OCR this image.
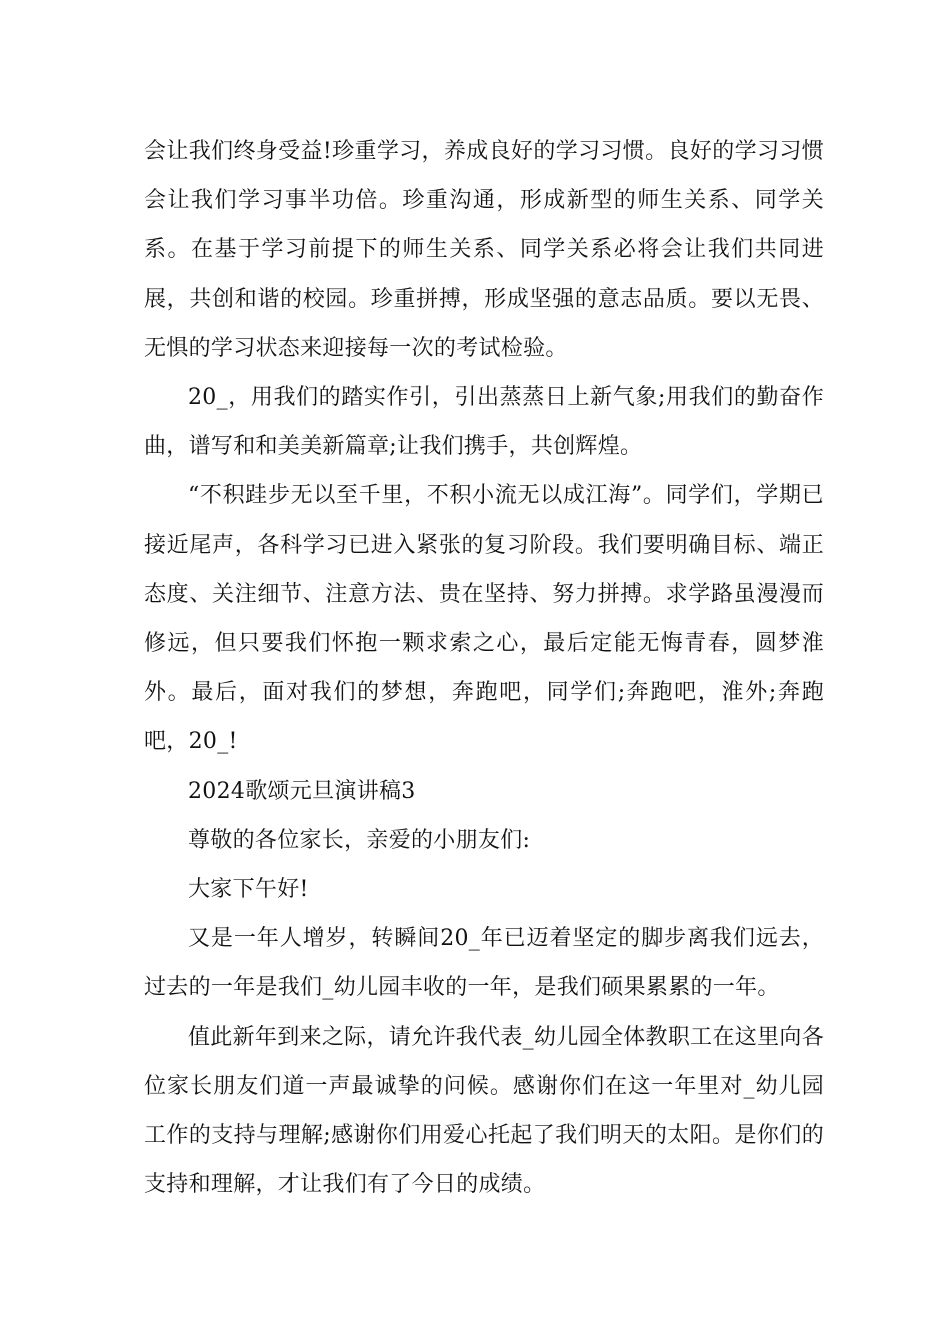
会让我们终身受益!珍重学习，养成良好的学习习惯。良好的学习习惯会让我们学习事半功倍。珍重沟通，形成新型的师生关系、同学关系。在基于学习前提下的师生关系、同学关系必将会让我们共同进展，共创和谐的校园。珍重拼搏，形成坚强的意志品质。要以无畏、无惧的学习状态来迎接每一次的考试检验。

20_，用我们的踏实作引，引出蒸蒸日上新气象;用我们的勤奋作曲，谱写和和美美新篇章;让我们携手，共创辉煌。

“不积跬步无以至千里，不积小流无以成江海”。同学们，学期已接近尾声，各科学习已进入紧张的复习阶段。我们要明确目标、端正态度、关注细节、注意方法、贵在坚持、努力拼搏。求学路虽漫漫而修远，但只要我们怀抱一颗求索之心，最后定能无悔青春，圆梦淮外。最后，面对我们的梦想，奔跑吧，同学们;奔跑吧，淮外;奔跑吧，20_!

2024歌颂元旦演讲稿3

尊敬的各位家长，亲爱的小朋友们:

大家下午好!

又是一年人增岁，转瞬间20_年已迈着坚定的脚步离我们远去，过去的一年是我们_幼儿园丰收的一年，是我们硕果累累的一年。

值此新年到来之际，请允许我代表_幼儿园全体教职工在这里向各位家长朋友们道一声最诚挚的问候。感谢你们在这一年里对_幼儿园工作的支持与理解;感谢你们用爱心托起了我们明天的太阳。是你们的支持和理解，才让我们有了今日的成绩。
